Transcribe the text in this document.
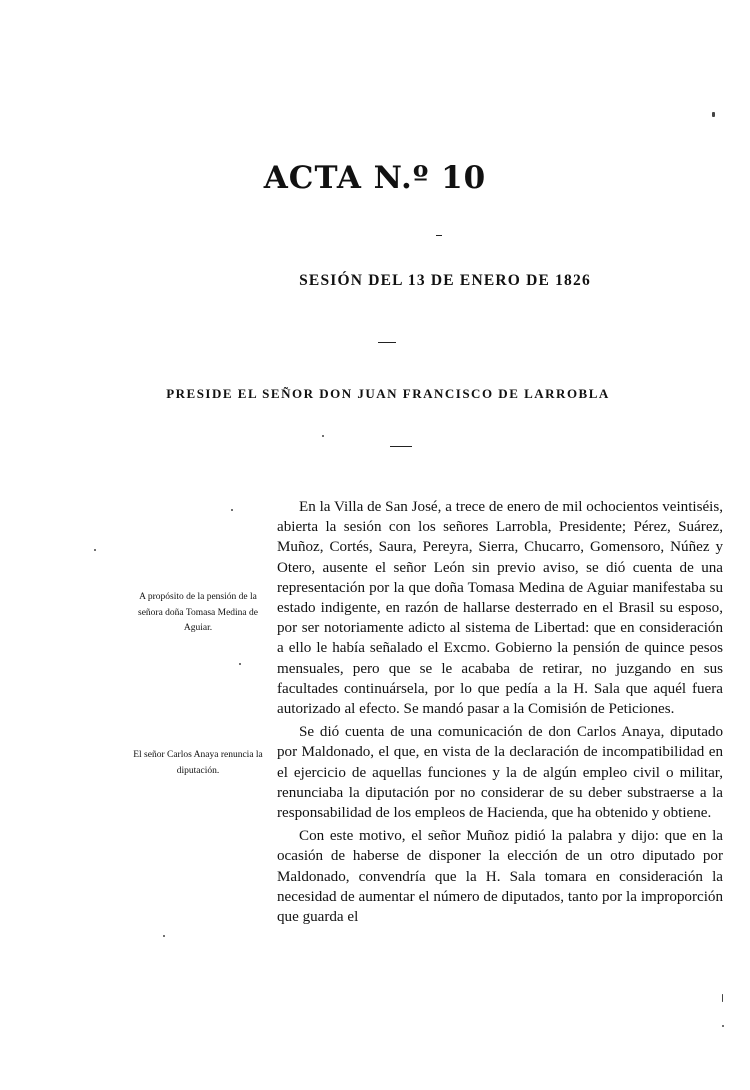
ACTA N.º 10
SESIÓN DEL 13 DE ENERO DE 1826
PRESIDE EL SEÑOR DON JUAN FRANCISCO DE LARROBLA
A propósito de la pensión de la señora doña Tomasa Medina de Aguiar.
El señor Carlos Anaya renuncia la diputación.

En la Villa de San José, a trece de enero de mil ochocientos veintiséis, abierta la sesión con los señores Larrobla, Presidente; Pérez, Suárez, Muñoz, Cortés, Saura, Pereyra, Sierra, Chucarro, Gomensoro, Núñez y Otero, ausente el señor León sin previo aviso, se dió cuenta de una representación por la que doña Tomasa Medina de Aguiar manifestaba su estado indigente, en razón de hallarse desterrado en el Brasil su esposo, por ser notoriamente adicto al sistema de Libertad: que en consideración a ello le había señalado el Excmo. Gobierno la pensión de quince pesos mensuales, pero que se le acababa de retirar, no juzgando en sus facultades continuársela, por lo que pedía a la H. Sala que aquél fuera autorizado al efecto. Se mandó pasar a la Comisión de Peticiones.

Se dió cuenta de una comunicación de don Carlos Anaya, diputado por Maldonado, el que, en vista de la declaración de incompatibilidad en el ejercicio de aquellas funciones y la de algún empleo civil o militar, renunciaba la diputación por no considerar de su deber substraerse a la responsabilidad de los empleos de Hacienda, que ha obtenido y obtiene.

Con este motivo, el señor Muñoz pidió la palabra y dijo: que en la ocasión de haberse de disponer la elección de un otro diputado por Maldonado, convendría que la H. Sala tomara en consideración la necesidad de aumentar el número de diputados, tanto por la improporción que guarda el
